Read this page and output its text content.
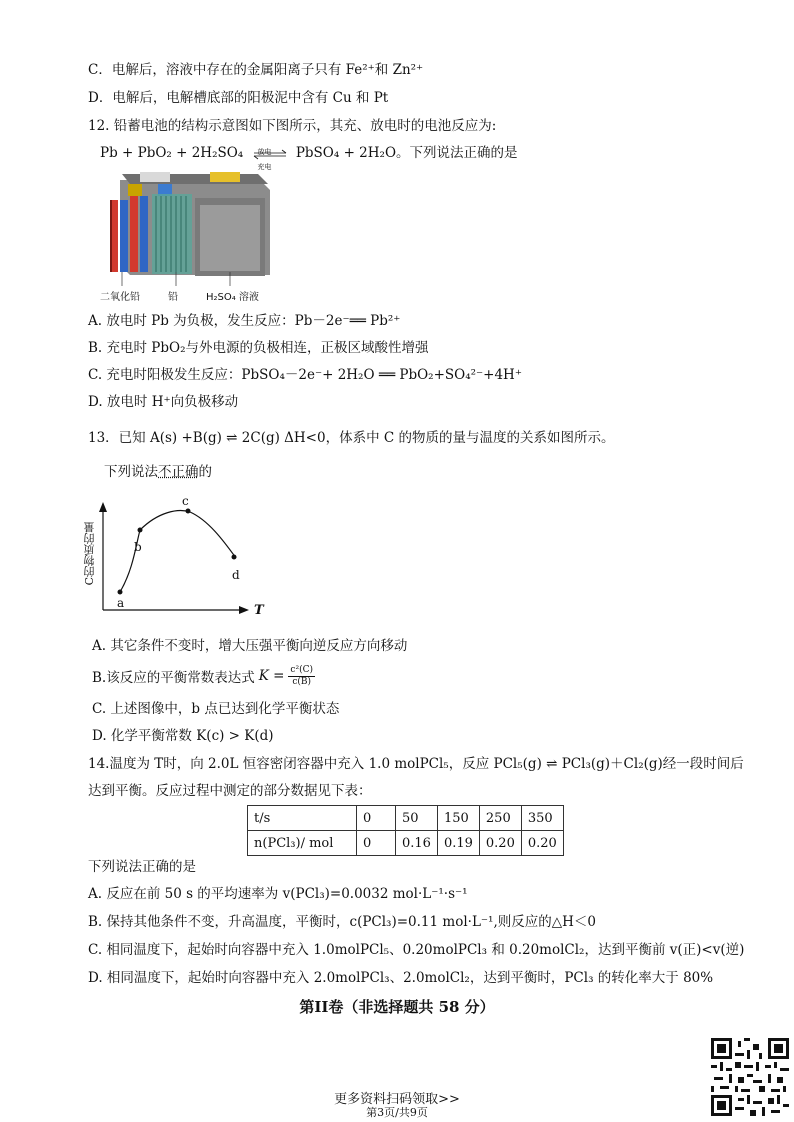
C．电解后，溶液中存在的金属阳离子只有 Fe²⁺和 Zn²⁺
D．电解后，电解槽底部的阳极泥中含有 Cu 和 Pt
12. 铅蓄电池的结构示意图如下图所示，其充、放电时的电池反应为:
Pb + PbO₂ + 2H₂SO₄ 放电
充电
PbSO₄ + 2H₂O。下列说法正确的是
二氧化铅	铅	H₂SO₄ 溶液
A. 放电时 Pb 为负极，发生反应：Pb－2e⁻══ Pb²⁺
B. 充电时 PbO₂与外电源的负极相连，正极区域酸性增强
C. 充电时阳极发生反应：PbSO₄－2e⁻+ 2H₂O ══ PbO₂+SO₄²⁻+4H⁺
D. 放电时 H⁺向负极移动
13．已知 A(s) +B(g) ⇌ 2C(g) ΔH<0，体系中 C 的物质的量与温度的关系如图所示。
下列说法不正确的
a
b
c
d
T
C的物质的量
A. 其它条件不变时，增大压强平衡向逆反应方向移动
B.该反应的平衡常数表达式 $K = \frac{\text{c²(C)}}{c(B)}$
C. 上述图像中，b 点已达到化学平衡状态
D. 化学平衡常数 K(c) > K(d)
14.温度为 T时，向 2.0L 恒容密闭容器中充入 1.0 molPCl₅，反应 PCl₅(g) ⇌ PCl₃(g)＋Cl₂(g)经一段时间后
达到平衡。反应过程中测定的部分数据见下表：
t/s	0	50	150	250	350
n(PCl₃)/ mol	0	0.16	0.19	0.20	0.20
下列说法正确的是
A. 反应在前 50 s 的平均速率为 v(PCl₃)=0.0032 mol·L⁻¹·s⁻¹
B. 保持其他条件不变，升高温度，平衡时，c(PCl₃)=0.11 mol·L⁻¹,则反应的△H＜0
C. 相同温度下，起始时向容器中充入 1.0molPCl₅、0.20molPCl₃ 和 0.20molCl₂，达到平衡前 v(正)<v(逆)
D. 相同温度下，起始时向容器中充入 2.0molPCl₃、2.0molCl₂，达到平衡时，PCl₃ 的转化率大于 80%
第II卷（非选择题共 58 分）
更多资料扫码领取>>
第3页/共9页
